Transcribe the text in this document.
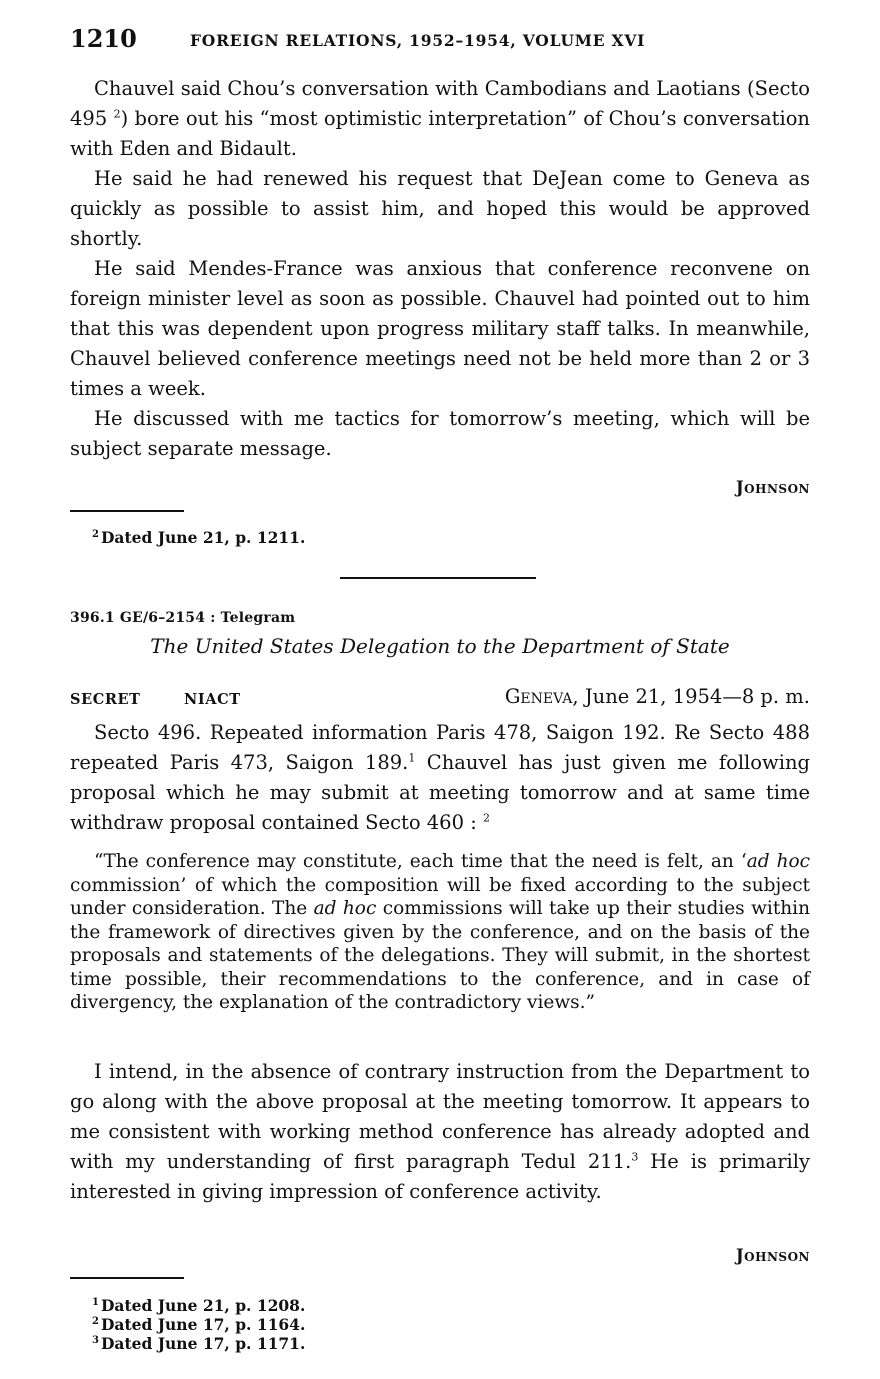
1210	FOREIGN RELATIONS, 1952–1954, VOLUME XVI

Chauvel said Chou’s conversation with Cambodians and Laotians (Secto 495 $^2$) bore out his “most optimistic interpretation” of Chou’s conversation with Eden and Bidault.

He said he had renewed his request that DeJean come to Geneva as quickly as possible to assist him, and hoped this would be approved shortly.

He said Mendes-France was anxious that conference reconvene on foreign minister level as soon as possible. Chauvel had pointed out to him that this was dependent upon progress military staff talks. In meanwhile, Chauvel believed conference meetings need not be held more than 2 or 3 times a week.

He discussed with me tactics for tomorrow’s meeting, which will be subject separate message.

Johnson
$^2$ Dated June 21, p. 1211.
396.1 GE/6–2154 : Telegram
The United States Delegation to the Department of State
SECRET	NIACT	Geneva, June 21, 1954—8 p. m.

Secto 496. Repeated information Paris 478, Saigon 192. Re Secto 488 repeated Paris 473, Saigon 189.$^1$ Chauvel has just given me following proposal which he may submit at meeting tomorrow and at same time withdraw proposal contained Secto 460 : $^2$

“The conference may constitute, each time that the need is felt, an ‘ad hoc commission’ of which the composition will be fixed according to the subject under consideration. The ad hoc commissions will take up their studies within the framework of directives given by the conference, and on the basis of the proposals and statements of the delegations. They will submit, in the shortest time possible, their recommendations to the conference, and in case of divergency, the explanation of the contradictory views.”

I intend, in the absence of contrary instruction from the Department to go along with the above proposal at the meeting tomorrow. It appears to me consistent with working method conference has already adopted and with my understanding of first paragraph Tedul 211.$^3$ He is primarily interested in giving impression of conference activity.

Johnson
$^1$ Dated June 21, p. 1208.
$^2$ Dated June 17, p. 1164.
$^3$ Dated June 17, p. 1171.
